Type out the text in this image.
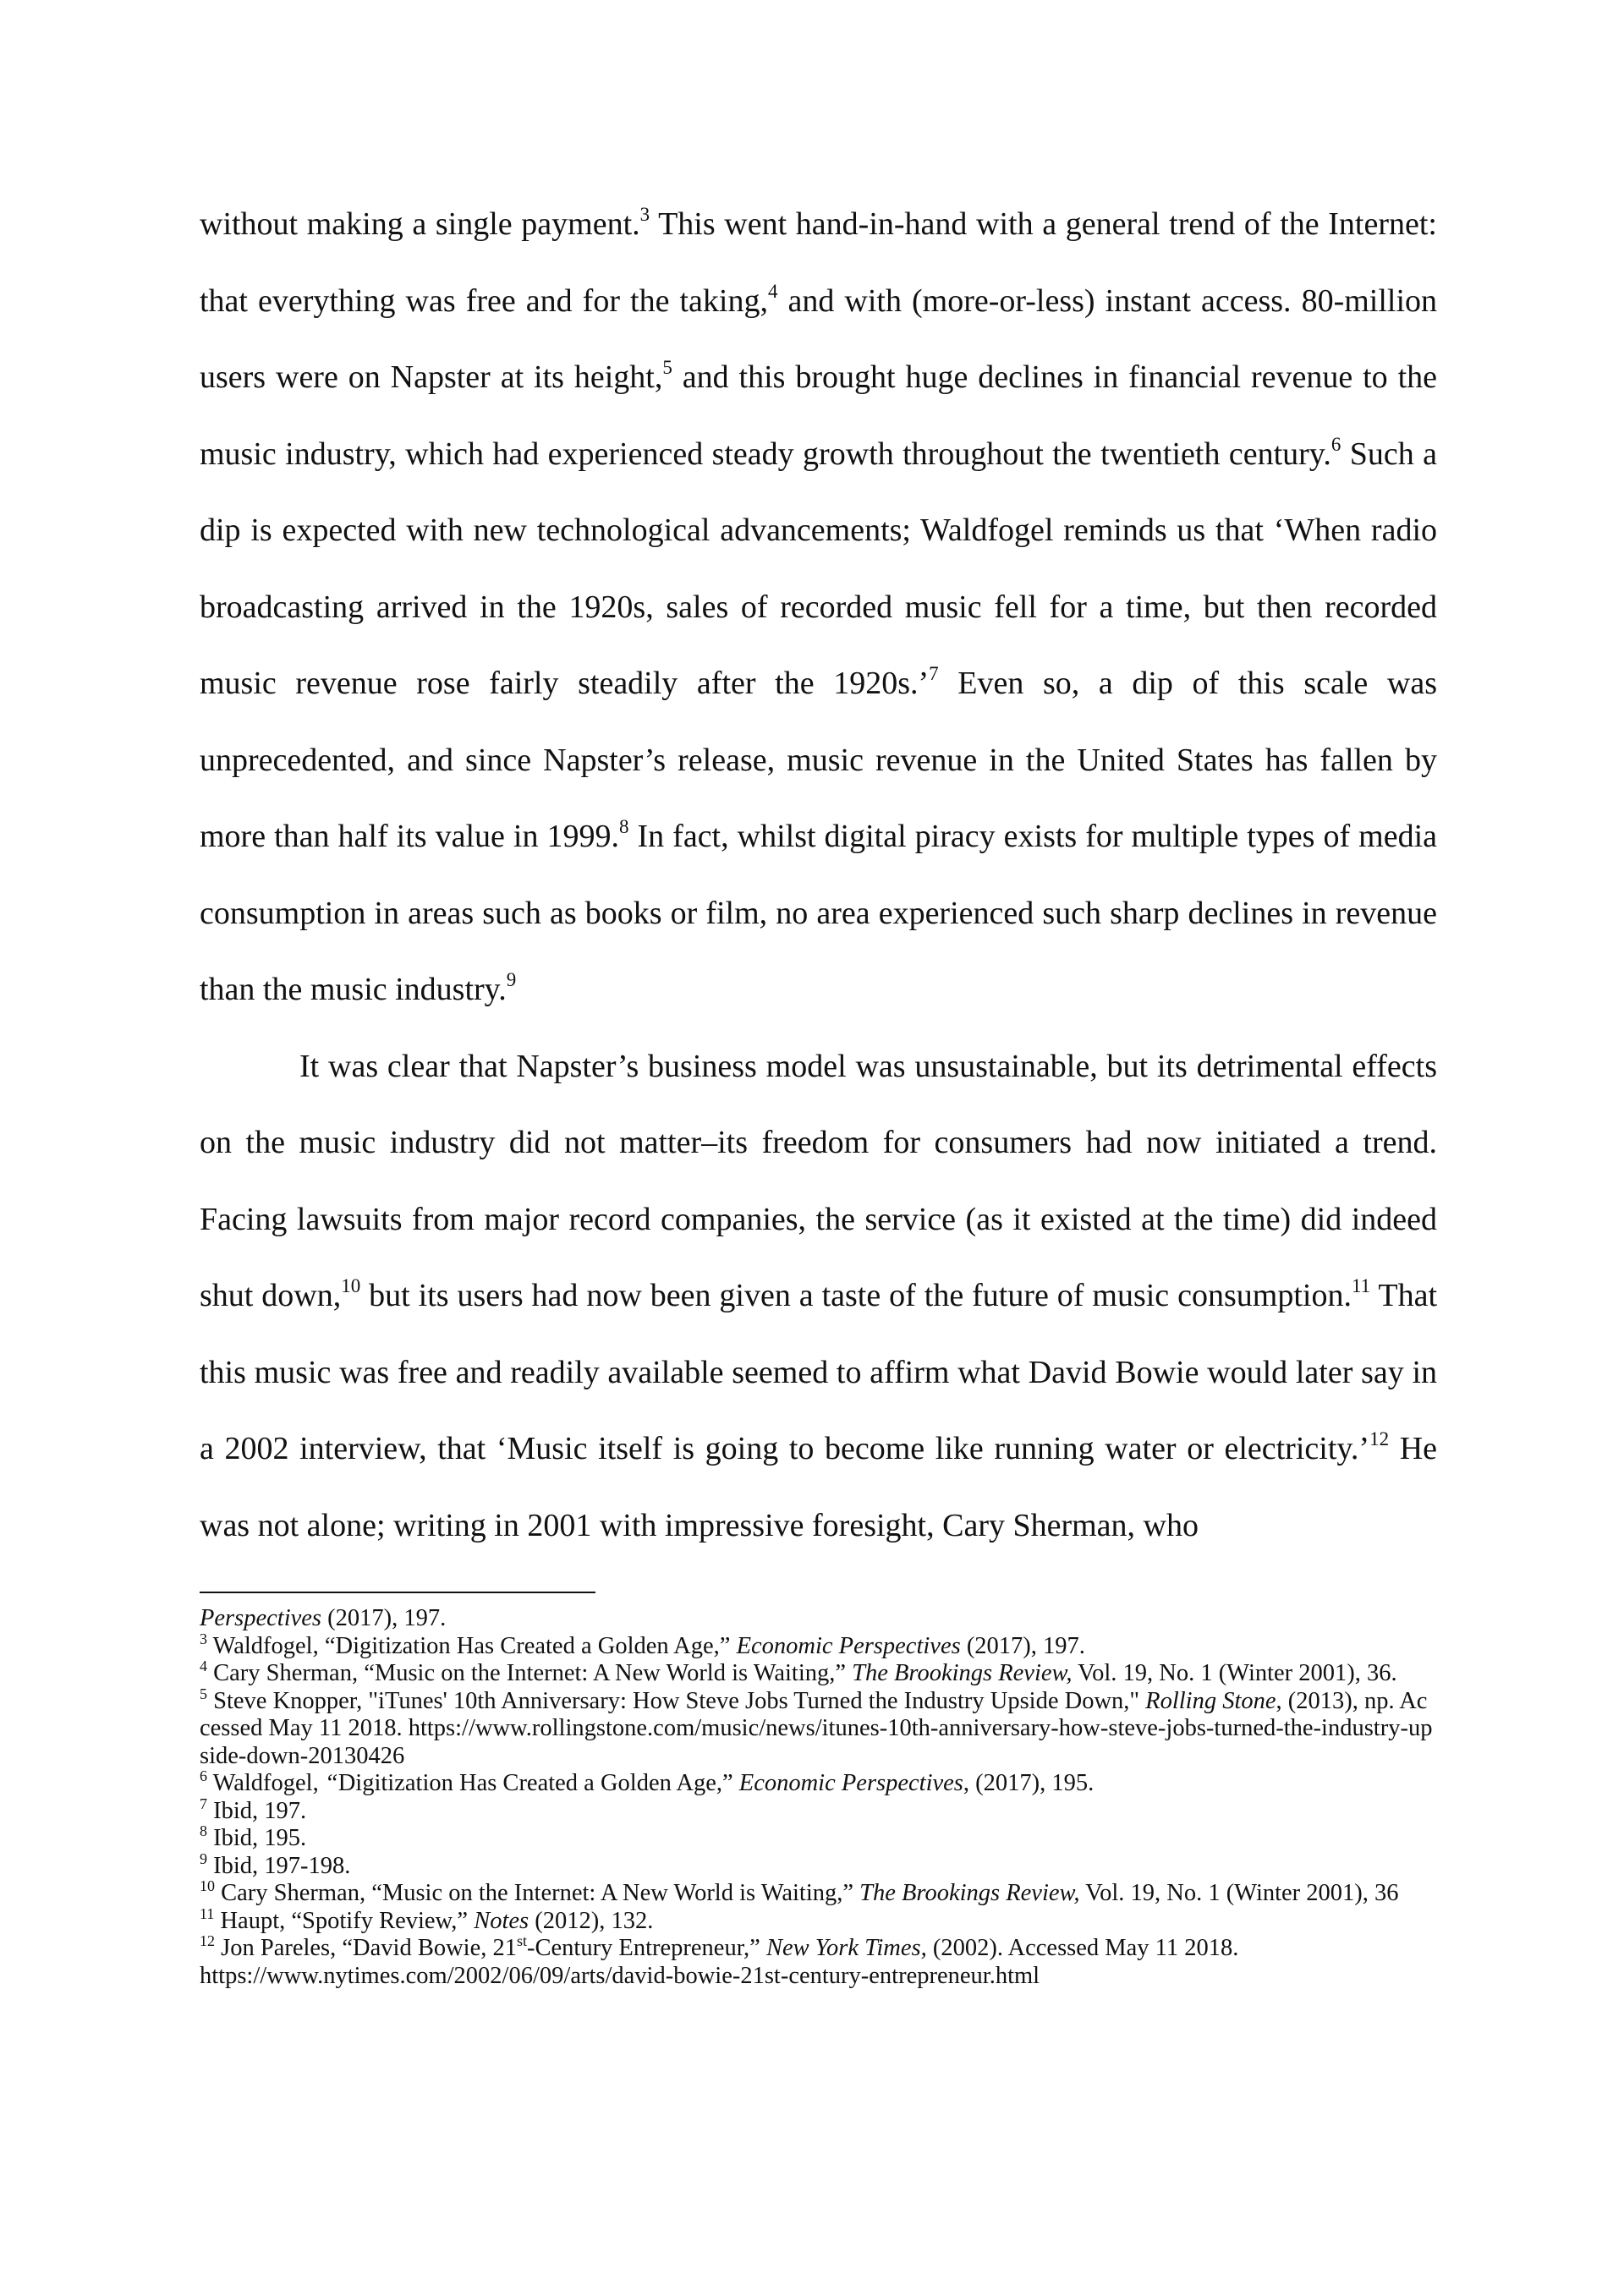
without making a single payment.$^3$ This went hand-in-hand with a general trend of the Internet: that everything was free and for the taking,$^4$ and with (more-or-less) instant access. 80-million users were on Napster at its height,$^5$ and this brought huge declines in financial revenue to the music industry, which had experienced steady growth throughout the twentieth century.$^6$ Such a dip is expected with new technological advancements; Waldfogel reminds us that ‘When radio broadcasting arrived in the 1920s, sales of recorded music fell for a time, but then recorded music revenue rose fairly steadily after the 1920s.’$^7$ Even so, a dip of this scale was unprecedented, and since Napster’s release, music revenue in the United States has fallen by more than half its value in 1999.$^8$ In fact, whilst digital piracy exists for multiple types of media consumption in areas such as books or film, no area experienced such sharp declines in revenue than the music industry.$^9$

It was clear that Napster’s business model was unsustainable, but its detrimental effects on the music industry did not matter–its freedom for consumers had now initiated a trend. Facing lawsuits from major record companies, the service (as it existed at the time) did indeed shut down,$^{10}$ but its users had now been given a taste of the future of music consumption.$^{11}$ That this music was free and readily available seemed to affirm what David Bowie would later say in a 2002 interview, that ‘Music itself is going to become like running water or electricity.’$^{12}$ He was not alone; writing in 2001 with impressive foresight, Cary Sherman, who

Perspectives (2017), 197.

$^3$ Waldfogel, “Digitization Has Created a Golden Age,” Economic Perspectives (2017), 197.

$^4$ Cary Sherman, “Music on the Internet: A New World is Waiting,” The Brookings Review, Vol. 19, No. 1 (Winter 2001), 36.

$^5$ Steve Knopper, "iTunes' 10th Anniversary: How Steve Jobs Turned the Industry Upside Down," Rolling Stone, (2013), np. Accessed May 11 2018. https://www.rollingstone.com/music/news/itunes-10th-anniversary-how-steve-jobs-turned-the-industry-upside-down-20130426

$^6$ Waldfogel, “Digitization Has Created a Golden Age,” Economic Perspectives, (2017), 195.

$^7$ Ibid, 197.

$^8$ Ibid, 195.

$^9$ Ibid, 197-198.

$^{10}$ Cary Sherman, “Music on the Internet: A New World is Waiting,” The Brookings Review, Vol. 19, No. 1 (Winter 2001), 36

$^{11}$ Haupt, “Spotify Review,” Notes (2012), 132.

$^{12}$ Jon Pareles, “David Bowie, 21st-Century Entrepreneur,” New York Times, (2002). Accessed May 11 2018.
https://www.nytimes.com/2002/06/09/arts/david-bowie-21st-century-entrepreneur.html
